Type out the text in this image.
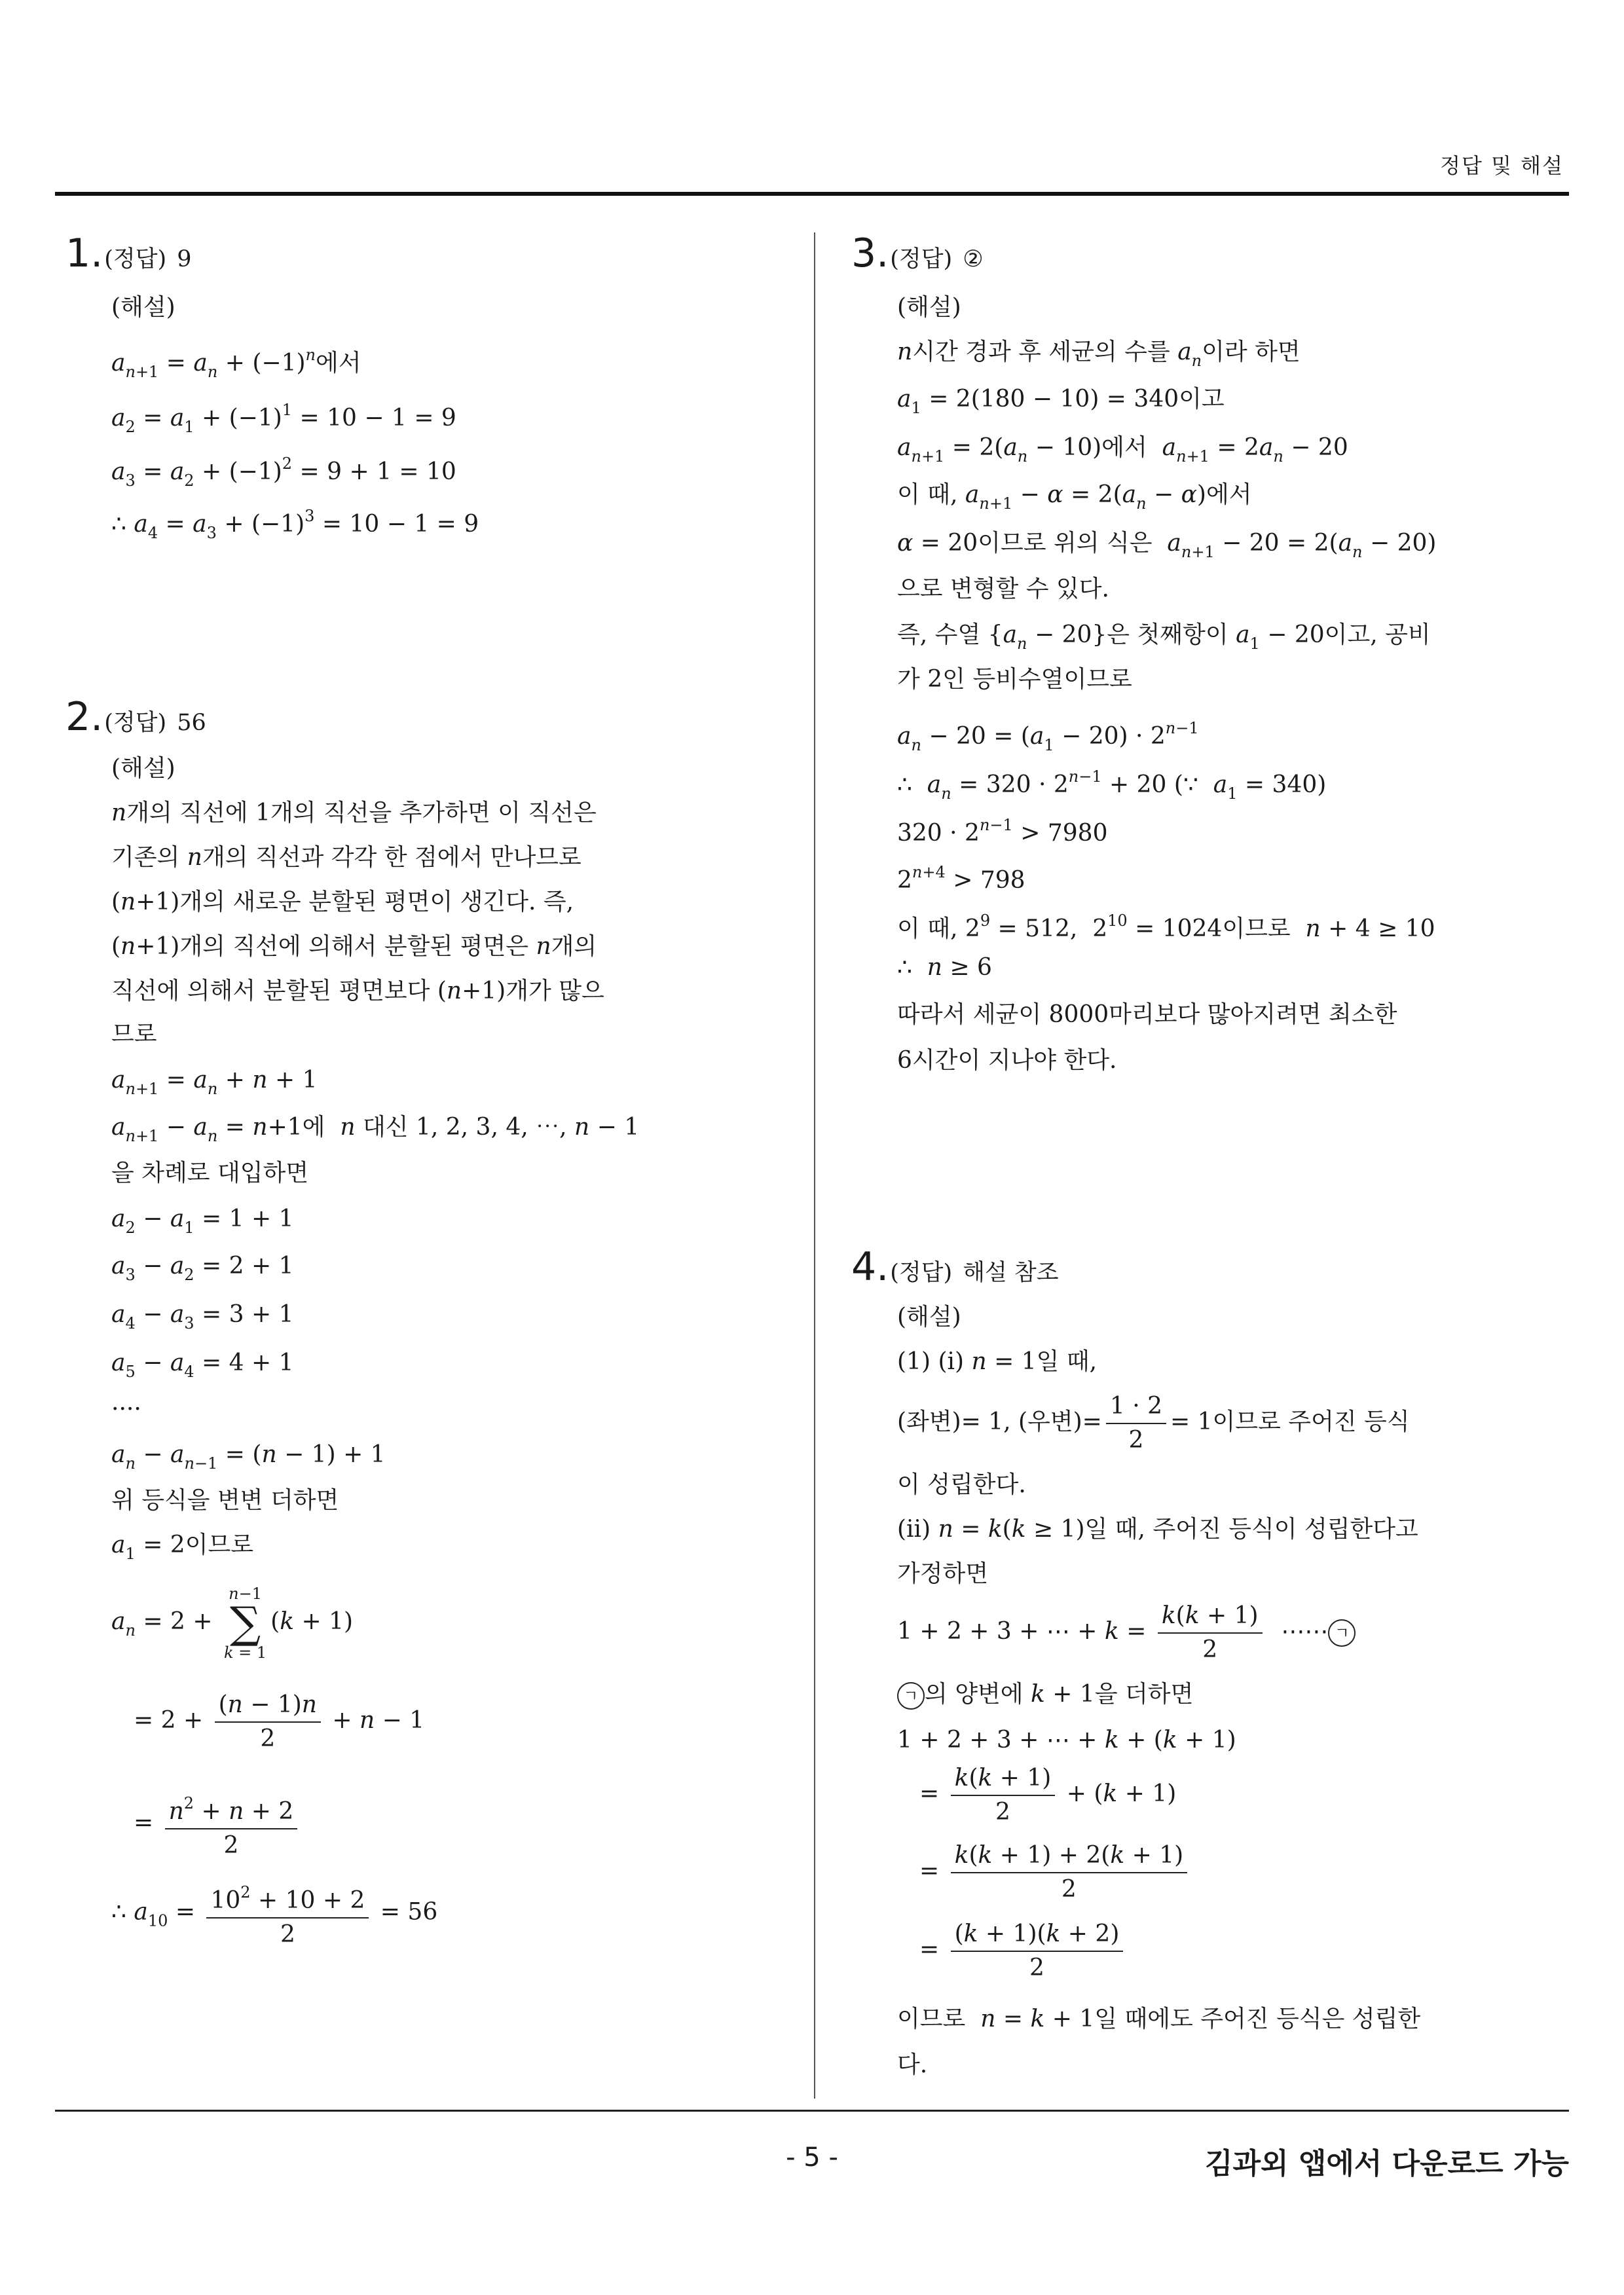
정답 및 해설
1.(정답) 9
(해설)
$a_{n+1} = a_n + (-1)^n$에서
$a_2 = a_1 + (-1)^1 = 10 - 1 = 9$
$a_3 = a_2 + (-1)^2 = 9 + 1 = 10$
∴ $a_4 = a_3 + (-1)^3 = 10 - 1 = 9$
2.(정답) 56
(해설)
n개의 직선에 1개의 직선을 추가하면 이 직선은
기존의 n개의 직선과 각각 한 점에서 만나므로
(n+1)개의 새로운 분할된 평면이 생긴다. 즉,
(n+1)개의 직선에 의해서 분할된 평면은 n개의
직선에 의해서 분할된 평면보다 (n+1)개가 많으
므로
$a_{n+1} = a_n + n + 1$
$a_{n+1} - a_n = n+1$에 n 대신 1, 2, 3, 4, ⋯, n − 1
을 차례로 대입하면
$a_2 - a_1 = 1 + 1$
$a_3 - a_2 = 2 + 1$
$a_4 - a_3 = 3 + 1$
$a_5 - a_4 = 4 + 1$
....
$a_n - a_{n-1} = (n - 1) + 1$
위 등식을 변변 더하면
$a_1 = 2$이므로
$a_n = 2$ +
n−1
∑
k = 1
(k + 1)
= $2 + \frac{(n - 1)n}{2} + n - 1$
= $\frac{n^2 + n + 2}{2}$
∴ $a_{10} = \frac{10^2 + 10 + 2}{2} = 56$
3.(정답) ②
(해설)
n시간 경과 후 세균의 수를 $a_n$이라 하면
$a_1 = 2(180 - 10) = 340$이고
$a_{n+1} = 2(a_n - 10)$에서 $a_{n+1} = 2a_n - 20$
이 때, $a_{n+1} - \alpha = 2(a_n - \alpha)$에서
α = 20이므로 위의 식은 $a_{n+1} - 20 = 2(a_n - 20)$
으로 변형할 수 있다.
즉, 수열 $\{a_n - 20\}$은 첫째항이 $a_1 - 20$이고, 공비
가 2인 등비수열이므로
$a_n - 20 = (a_1 - 20) \cdot 2^{n-1}$
∴  $a_n = 320 \cdot 2^{n-1} + 20$ (∵  $a_1 = 340$)
$320 \cdot 2^{n-1} > 7980$
$2^{n+4} > 798$
이 때, $2^9 = 512$,  $2^{10} = 1024$이므로 n + 4 ≥ 10
∴  n ≥ 6
따라서 세균이 8000마리보다 많아지려면 최소한
6시간이 지나야 한다.
4.(정답) 해설 참조
(해설)
(1) (i) n = 1일 때,
(좌변)= 1, (우변)= $\frac{1 \cdot 2}{2} = 1$이므로 주어진 등식
이 성립한다.
(ii) n = k(k ≥ 1)일 때, 주어진 등식이 성립한다고
가정하면
1 + 2 + 3 + ⋯ + $k = \frac{k(k + 1)}{2}$ ⋯⋯ ㄱ
ㄱ 의 양변에 k + 1을 더하면
1 + 2 + 3 + ⋯ + k + (k + 1)
= $\frac{k(k + 1)}{2} + (k + 1)$
= $\frac{k(k + 1) + 2(k + 1)}{2}$
= $\frac{(k + 1)(k + 2)}{2}$
이므로 n = k + 1일 때에도 주어진 등식은 성립한
다.
- 5 -	김과외 앱에서 다운로드 가능
